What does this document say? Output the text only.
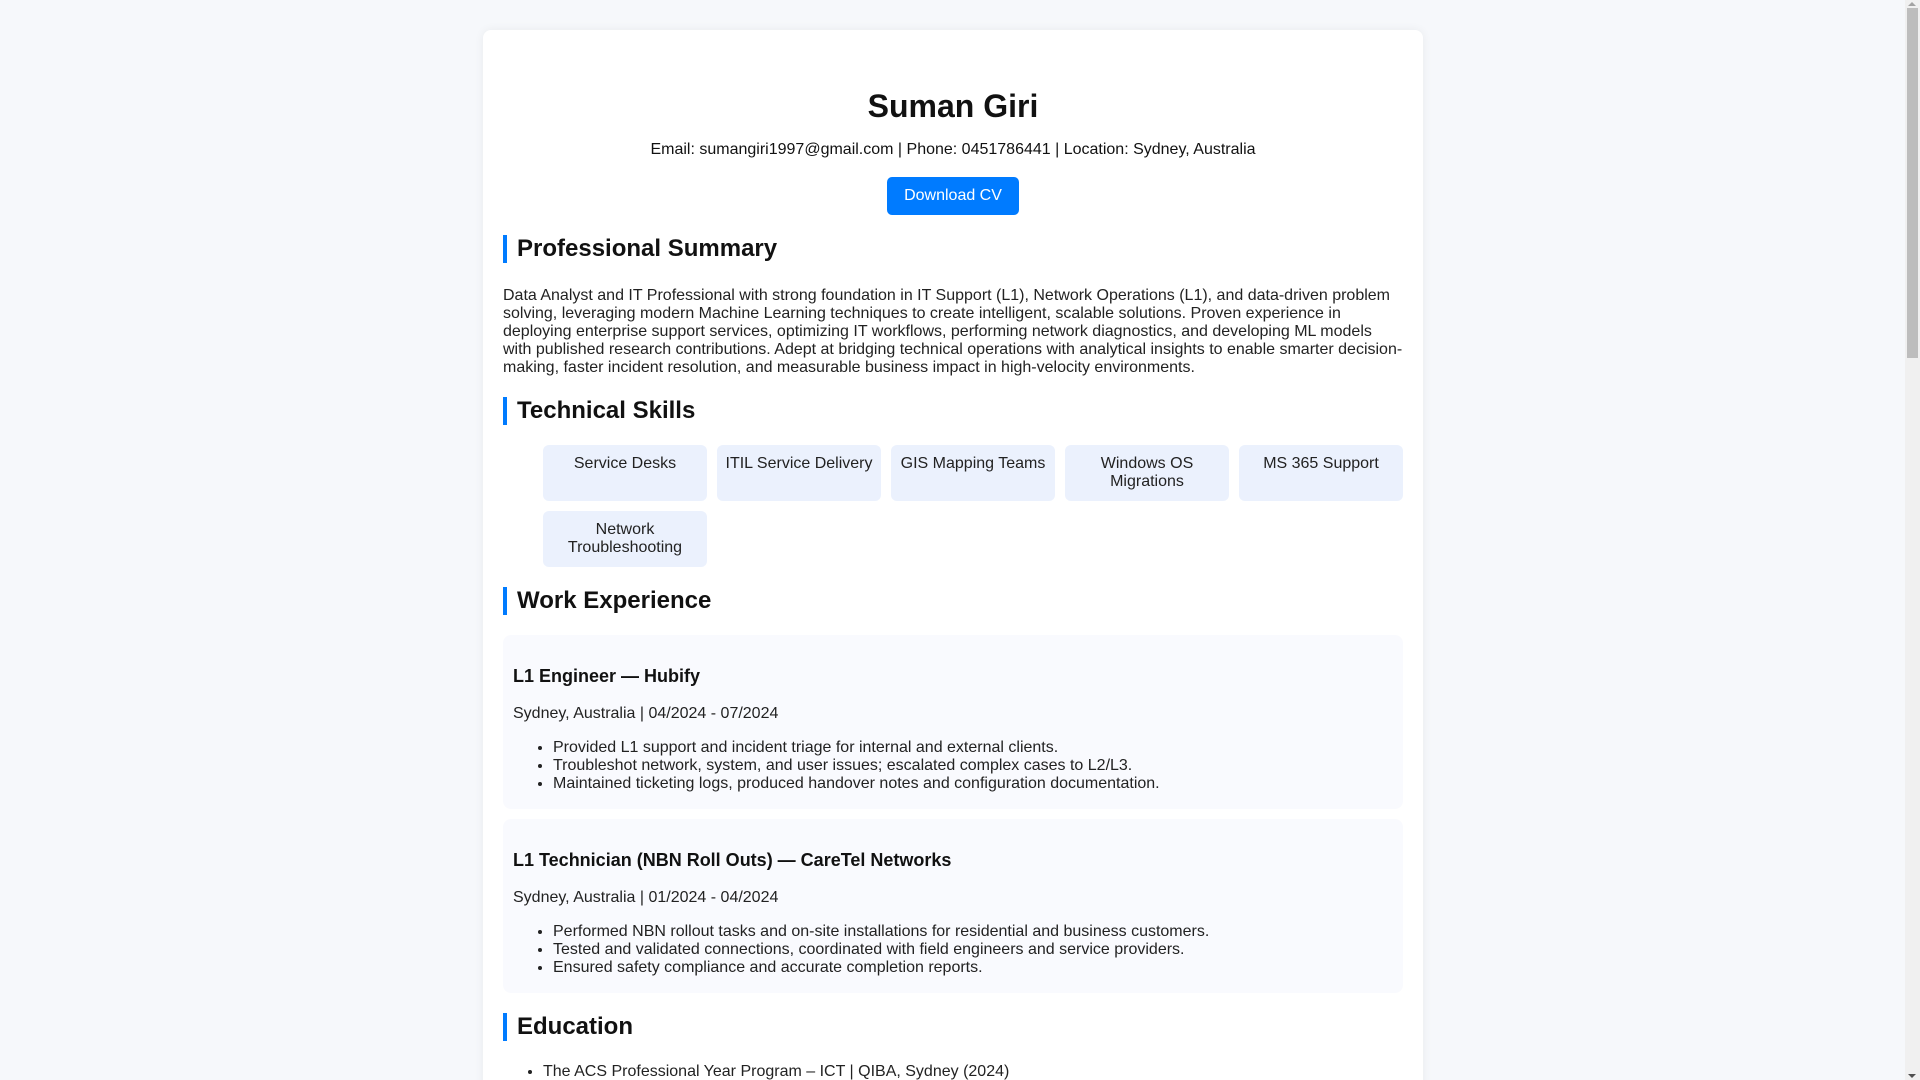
Suman Giri

Email: sumangiri1997@gmail.com | Phone: 0451786441 | Location: Sydney, Australia

Download CV
Professional Summary

Data Analyst and IT Professional with strong foundation in IT Support (L1), Network Operations (L1), and data-driven problem solving, leveraging modern Machine Learning techniques to create intelligent, scalable solutions. Proven experience in deploying enterprise support services, optimizing IT workflows, performing network diagnostics, and developing ML models with published research contributions. Adept at bridging technical operations with analytical insights to enable smarter decision-making, faster incident resolution, and measurable business impact in high-velocity environments.

Technical Skills
Service Desks	ITIL Service Delivery	GIS Mapping Teams	Windows OS Migrations
MS 365 Support
Network Troubleshooting
Work Experience
L1 Engineer — Hubify

Sydney, Australia | 04/2024 - 07/2024

• Provided L1 support and incident triage for internal and external clients.
• Troubleshot network, system, and user issues; escalated complex cases to L2/L3.
• Maintained ticketing logs, produced handover notes and configuration documentation.
L1 Technician (NBN Roll Outs) — CareTel Networks

Sydney, Australia | 01/2024 - 04/2024

• Performed NBN rollout tasks and on-site installations for residential and business customers.
• Tested and validated connections, coordinated with field engineers and service providers.
• Ensured safety compliance and accurate completion reports.
Education
• The ACS Professional Year Program – ICT | QIBA, Sydney (2024)
